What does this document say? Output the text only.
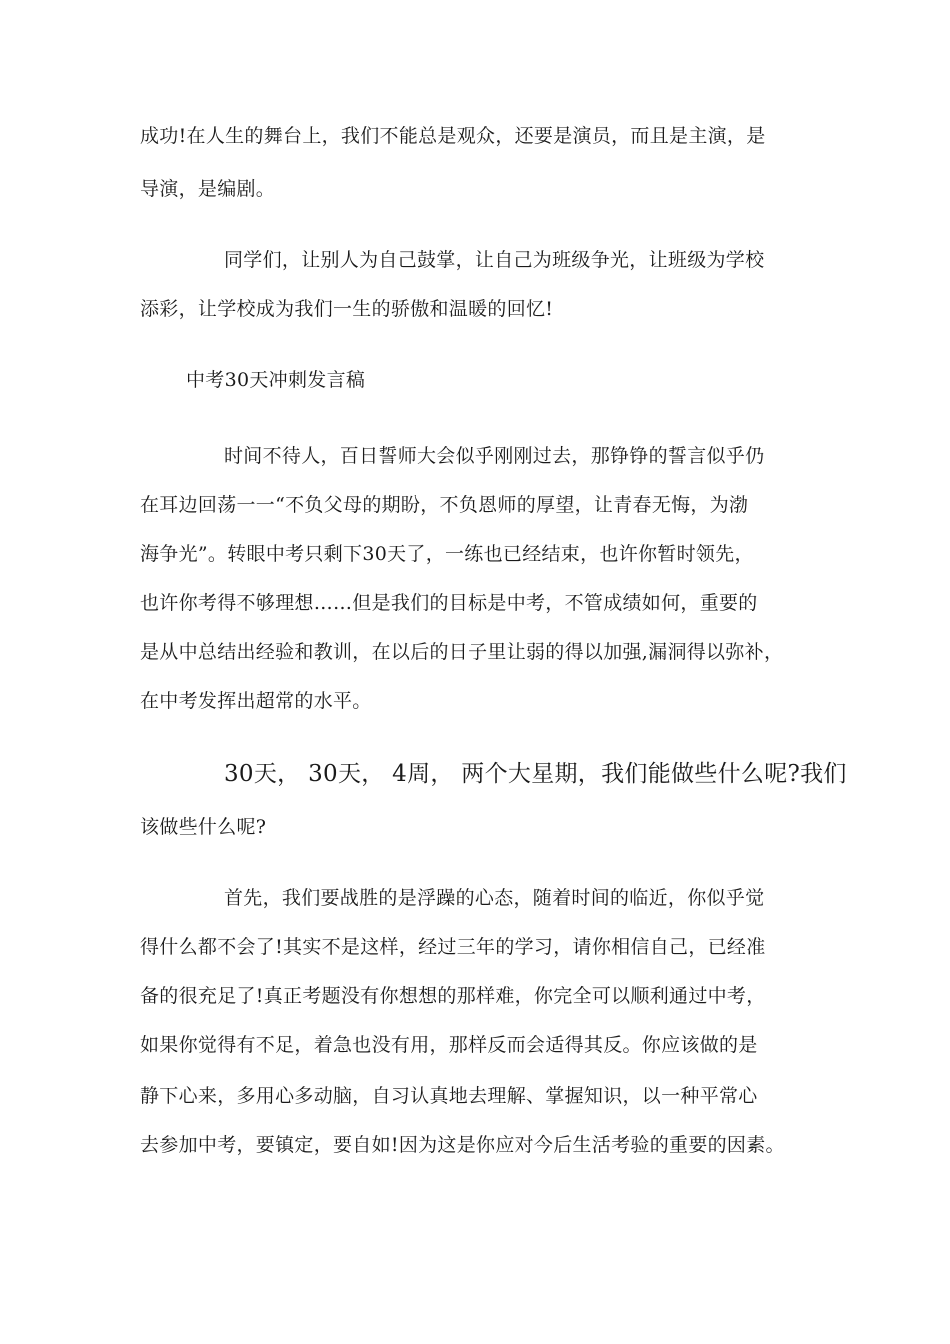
成功!在人生的舞台上，我们不能总是观众，还要是演员，而且是主演，是
导演，是编剧。
同学们，让别人为自己鼓掌，让自己为班级争光，让班级为学校
添彩，让学校成为我们一生的骄傲和温暖的回忆!
中考30天冲刺发言稿
时间不待人，百日誓师大会似乎刚刚过去，那铮铮的誓言似乎仍
在耳边回荡一一“不负父母的期盼，不负恩师的厚望，让青春无悔，为渤
海争光”。转眼中考只剩下30天了，一练也已经结束，也许你暂时领先，
也许你考得不够理想……但是我们的目标是中考，不管成绩如何，重要的
是从中总结出经验和教训，在以后的日子里让弱的得以加强,漏洞得以弥补，
在中考发挥出超常的水平。
30天， 30天， 4周， 两个大星期，我们能做些什么呢?我们
该做些什么呢?
首先，我们要战胜的是浮躁的心态，随着时间的临近，你似乎觉
得什么都不会了!其实不是这样，经过三年的学习，请你相信自己，已经准
备的很充足了!真正考题没有你想想的那样难，你完全可以顺利通过中考，
如果你觉得有不足，着急也没有用，那样反而会适得其反。你应该做的是
静下心来，多用心多动脑，自习认真地去理解、掌握知识，以一种平常心
去参加中考，要镇定，要自如!因为这是你应对今后生活考验的重要的因素。
